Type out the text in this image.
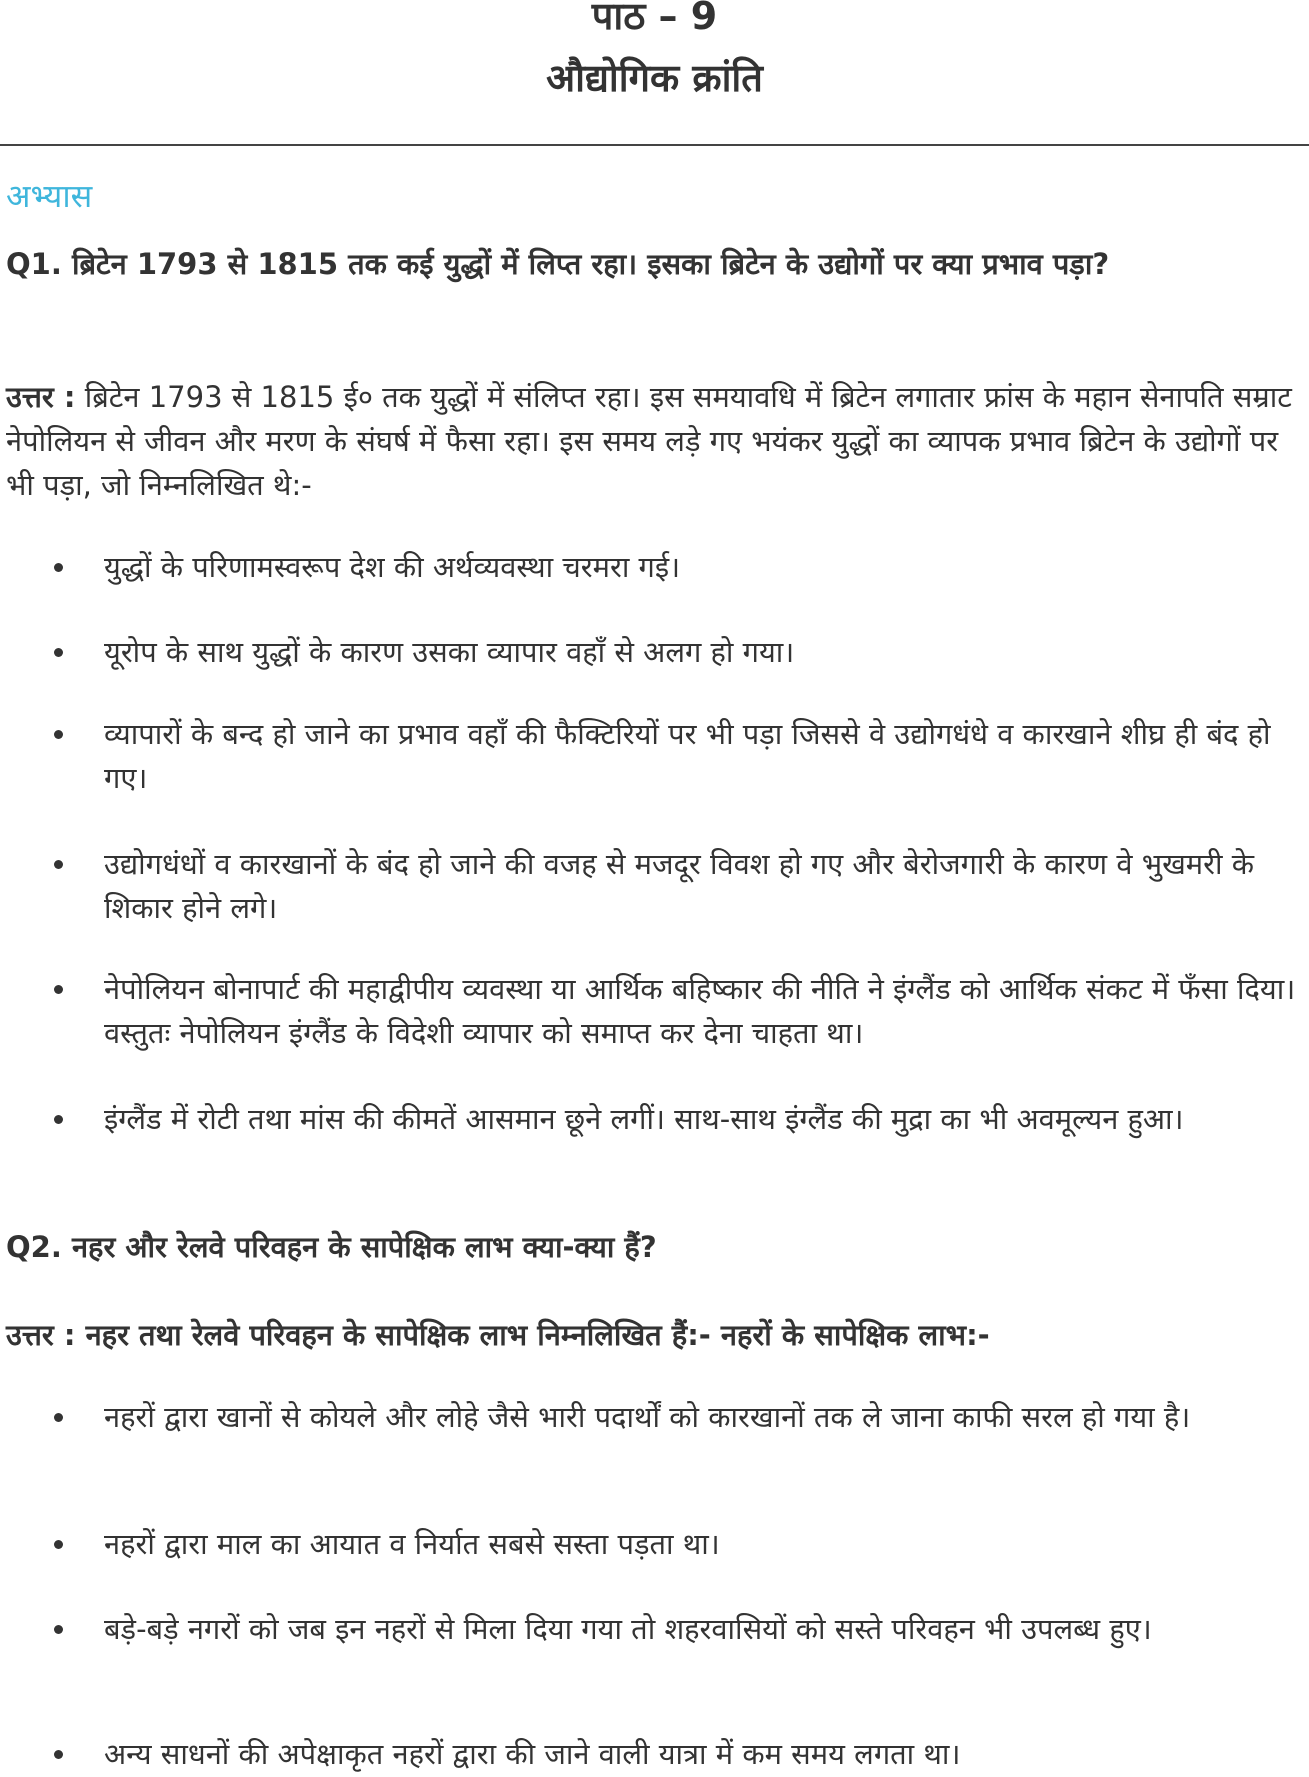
पाठ – 9
औद्योगिक क्रांति
अभ्यास
Q1. ब्रिटेन 1793 से 1815 तक कई युद्धों में लिप्त रहा। इसका ब्रिटेन के उद्योगों पर क्या प्रभाव पड़ा?
उत्तर : ब्रिटेन 1793 से 1815 ई० तक युद्धों में संलिप्त रहा। इस समयावधि में ब्रिटेन लगातार फ्रांस के महान सेनापति सम्राट नेपोलियन से जीवन और मरण के संघर्ष में फैसा रहा। इस समय लड़े गए भयंकर युद्धों का व्यापक प्रभाव ब्रिटेन के उद्योगों पर भी पड़ा, जो निम्नलिखित थे:-
युद्धों के परिणामस्वरूप देश की अर्थव्यवस्था चरमरा गई।
यूरोप के साथ युद्धों के कारण उसका व्यापार वहाँ से अलग हो गया।
व्यापारों के बन्द हो जाने का प्रभाव वहाँ की फैक्टिरियों पर भी पड़ा जिससे वे उद्योगधंधे व कारखाने शीघ्र ही बंद हो गए।
उद्योगधंधों व कारखानों के बंद हो जाने की वजह से मजदूर विवश हो गए और बेरोजगारी के कारण वे भुखमरी के शिकार होने लगे।
नेपोलियन बोनापार्ट की महाद्वीपीय व्यवस्था या आर्थिक बहिष्कार की नीति ने इंग्लैंड को आर्थिक संकट में फँसा दिया। वस्तुतः नेपोलियन इंग्लैंड के विदेशी व्यापार को समाप्त कर देना चाहता था।
इंग्लैंड में रोटी तथा मांस की कीमतें आसमान छूने लगीं। साथ-साथ इंग्लैंड की मुद्रा का भी अवमूल्यन हुआ।
Q2. नहर और रेलवे परिवहन के सापेक्षिक लाभ क्या-क्या हैं?
उत्तर : नहर तथा रेलवे परिवहन के सापेक्षिक लाभ निम्नलिखित हैं:- नहरों के सापेक्षिक लाभ:-
नहरों द्वारा खानों से कोयले और लोहे जैसे भारी पदार्थों को कारखानों तक ले जाना काफी सरल हो गया है।
नहरों द्वारा माल का आयात व निर्यात सबसे सस्ता पड़ता था।
बड़े-बड़े नगरों को जब इन नहरों से मिला दिया गया तो शहरवासियों को सस्ते परिवहन भी उपलब्ध हुए।
अन्य साधनों की अपेक्षाकृत नहरों द्वारा की जाने वाली यात्रा में कम समय लगता था।
